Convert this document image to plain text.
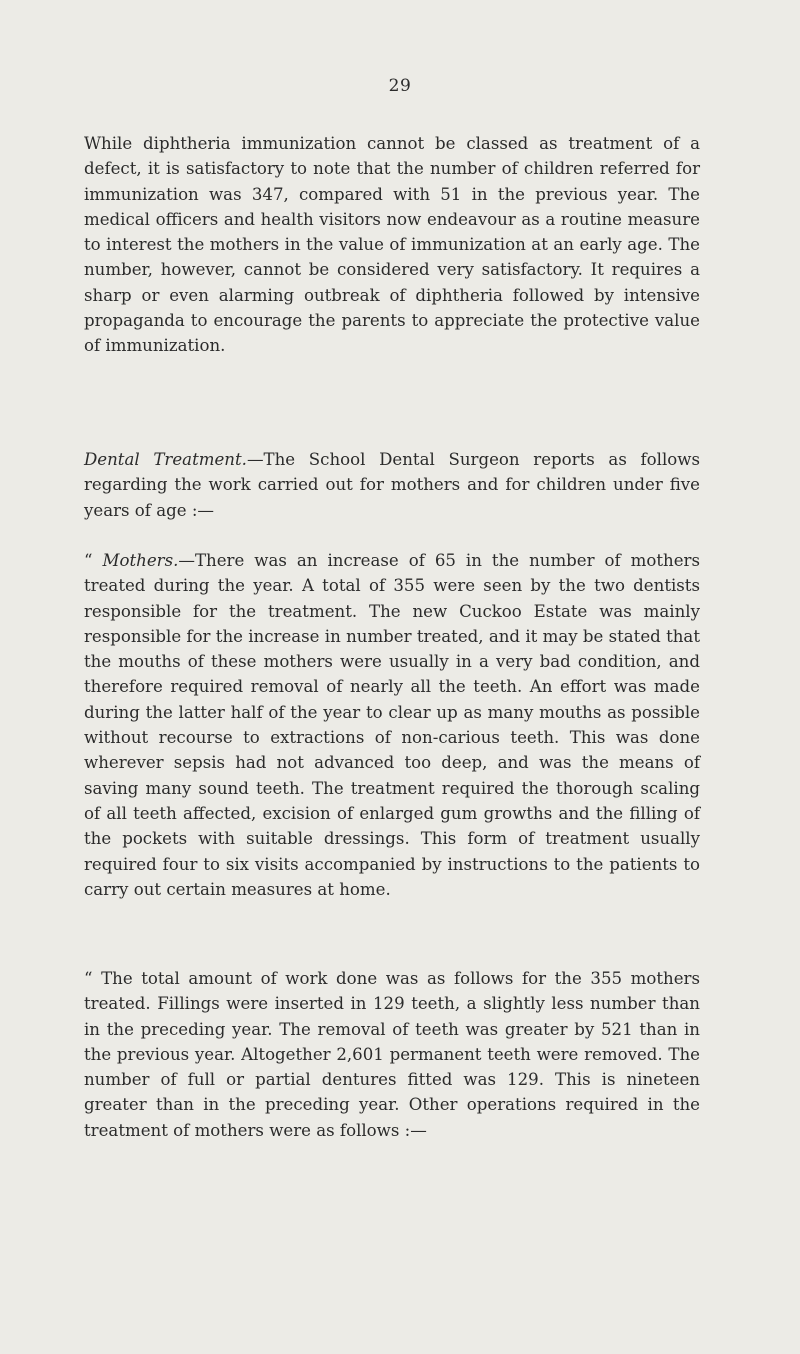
29

While diphtheria immunization cannot be classed as treatment of a defect, it is satisfactory to note that the number of children referred for immunization was 347, compared with 51 in the previous year. The medical officers and health visitors now endeavour as a routine measure to interest the mothers in the value of immunization at an early age. The number, however, cannot be considered very satisfactory. It requires a sharp or even alarming outbreak of diphtheria followed by intensive propaganda to encourage the parents to appreciate the protective value of immunization.

Dental Treatment.—The School Dental Surgeon reports as follows regarding the work carried out for mothers and for children under five years of age :—

“ Mothers.—There was an increase of 65 in the number of mothers treated during the year. A total of 355 were seen by the two dentists responsible for the treatment. The new Cuckoo Estate was mainly responsible for the increase in number treated, and it may be stated that the mouths of these mothers were usually in a very bad condition, and therefore required removal of nearly all the teeth. An effort was made during the latter half of the year to clear up as many mouths as possible without recourse to extractions of non-carious teeth. This was done wherever sepsis had not advanced too deep, and was the means of saving many sound teeth. The treatment required the thorough scaling of all teeth affected, excision of enlarged gum growths and the filling of the pockets with suitable dressings. This form of treatment usually required four to six visits accompanied by instructions to the patients to carry out certain measures at home.

“ The total amount of work done was as follows for the 355 mothers treated. Fillings were inserted in 129 teeth, a slightly less number than in the preceding year. The removal of teeth was greater by 521 than in the previous year. Altogether 2,601 permanent teeth were removed. The number of full or partial dentures fitted was 129. This is nineteen greater than in the preceding year. Other operations required in the treatment of mothers were as follows :—
